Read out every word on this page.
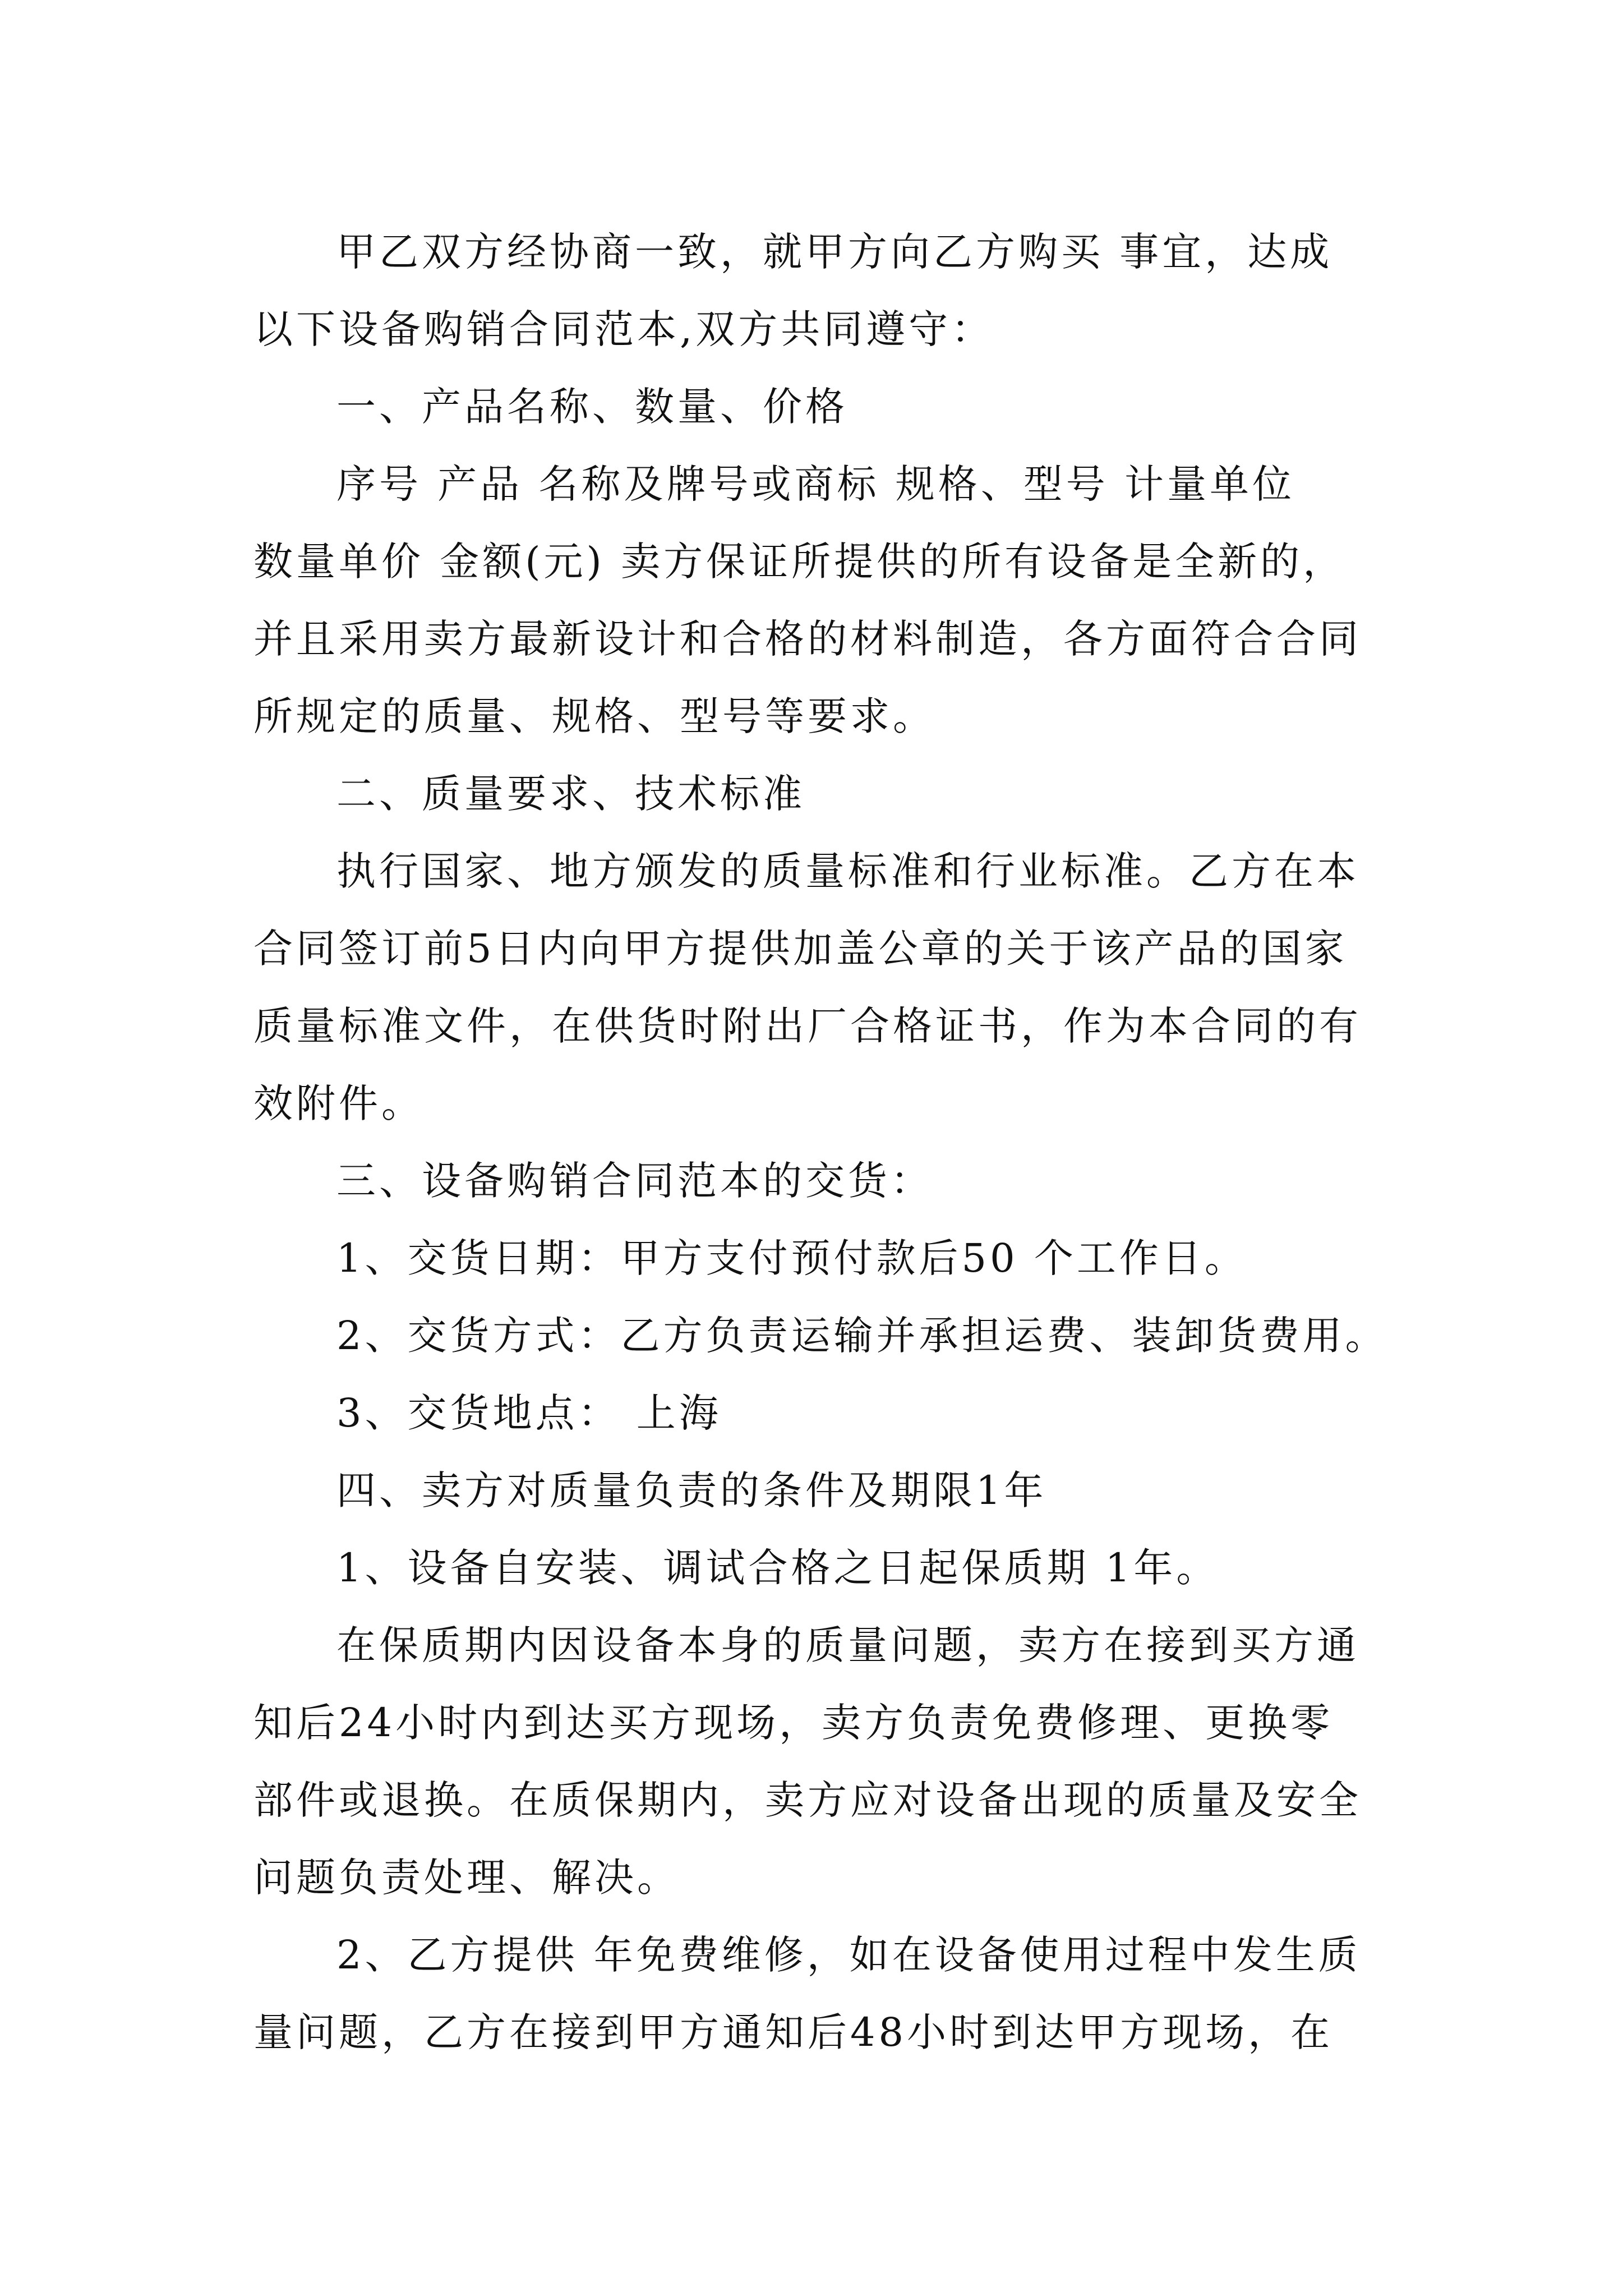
甲乙双方经协商一致，就甲方向乙方购买 事宜，达成
以下设备购销合同范本,双方共同遵守：
一、产品名称、数量、价格
序号 产品 名称及牌号或商标 规格、型号 计量单位
数量单价 金额(元) 卖方保证所提供的所有设备是全新的，
并且采用卖方最新设计和合格的材料制造，各方面符合合同
所规定的质量、规格、型号等要求。
二、质量要求、技术标准
执行国家、地方颁发的质量标准和行业标准。乙方在本
合同签订前5日内向甲方提供加盖公章的关于该产品的国家
质量标准文件，在供货时附出厂合格证书，作为本合同的有
效附件。
三、设备购销合同范本的交货：
1、交货日期：甲方支付预付款后50 个工作日。
2、交货方式：乙方负责运输并承担运费、装卸货费用。
3、交货地点： 上海
四、卖方对质量负责的条件及期限1年
1、设备自安装、调试合格之日起保质期 1年。
在保质期内因设备本身的质量问题，卖方在接到买方通
知后24小时内到达买方现场，卖方负责免费修理、更换零
部件或退换。在质保期内，卖方应对设备出现的质量及安全
问题负责处理、解决。
2、乙方提供 年免费维修，如在设备使用过程中发生质
量问题，乙方在接到甲方通知后48小时到达甲方现场，在
